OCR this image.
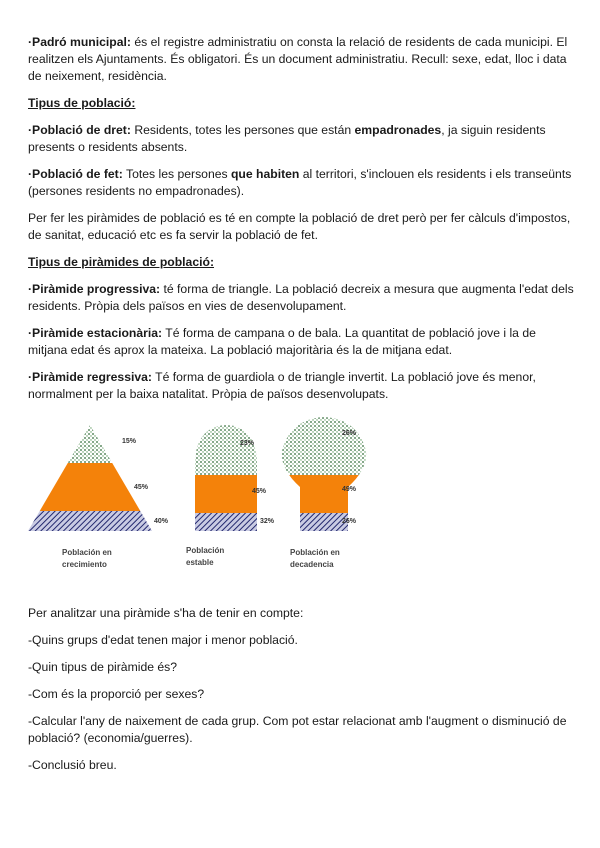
·Padró municipal: és el registre administratiu on consta la relació de residents de cada municipi. El realitzen els Ajuntaments. És obligatori. És un document administratiu. Recull: sexe, edat, lloc i data de neixement, residència.

Tipus de població:

·Població de dret: Residents, totes les persones que están empadronades, ja siguin residents presents o residents absents.

·Població de fet: Totes les persones que habiten al territori, s'inclouen els residents i els transeünts (persones residents no empadronades).

Per fer les piràmides de població es té en compte la població de dret però per fer càlculs d'impostos, de sanitat, educació etc es fa servir la població de fet.

Tipus de piràmides de població:

·Piràmide progressiva: té forma de triangle. La població decreix a mesura que augmenta l'edat dels residents. Pròpia dels països en vies de desenvolupament.

·Piràmide estacionària: Té forma de campana o de bala. La quantitat de població jove i la de mitjana edat és aprox la mateixa. La població majoritària és la de mitjana edat.

·Piràmide regressiva: Té forma de guardiola o de triangle invertit. La població jove és menor, normalment per la baixa natalitat. Pròpia de països desenvolupats.

15%
45%
40%
Población en
crecimiento
23%
45%
32%
Población
estable
26%
49%
26%
Población en
decadencia

Per analitzar una piràmide s'ha de tenir en compte:

-Quins grups d'edat tenen major i menor població.

-Quin tipus de piràmide és?

-Com és la proporció per sexes?

-Calcular l'any de naixement de cada grup. Com pot estar relacionat amb l'augment o disminució de població? (economia/guerres).

-Conclusió breu.
